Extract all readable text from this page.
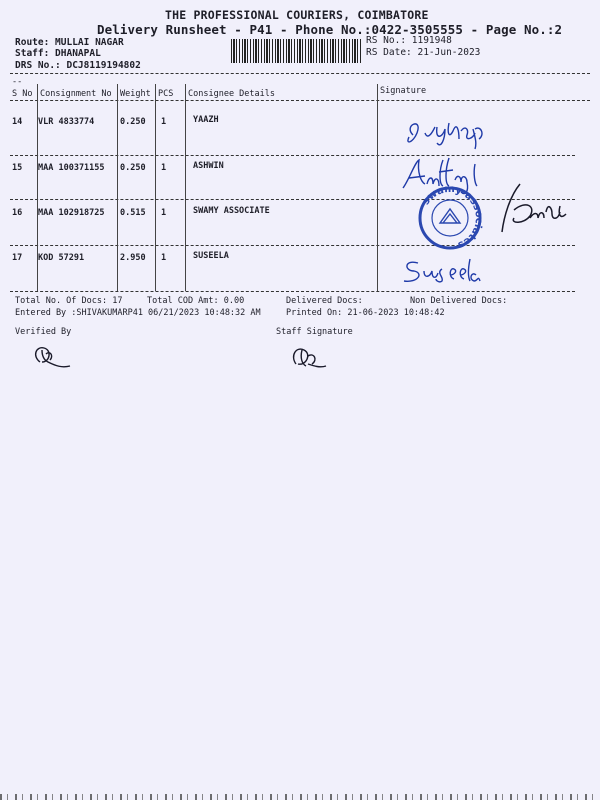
THE PROFESSIONAL COURIERS, COIMBATORE
Delivery Runsheet - P41 - Phone No.:0422-3505555 - Page No.:2
Route: MULLAI NAGAR
Staff: DHANAPAL
DRS No.: DCJ8119194802
RS No.: 1191948
RS Date: 21-Jun-2023
--
S No Consignment No Weight PCS Consignee Details	Signature
14 VLR 4833774	0.250 1	YAAZH
15 MAA 100371155 0.250 1	ASHWIN
16 MAA 102918725 0.515 1	SWAMY ASSOCIATE
17 KOD 57291	2.950 1	SUSEELA
swamy associates
Total No. Of Docs: 17	Total COD Amt: 0.00	Delivered Docs:	Non Delivered Docs:
Entered By :SHIVAKUMARP41 06/21/2023 10:48:32 AM	Printed On: 21-06-2023 10:48:42
Verified By	Staff Signature
